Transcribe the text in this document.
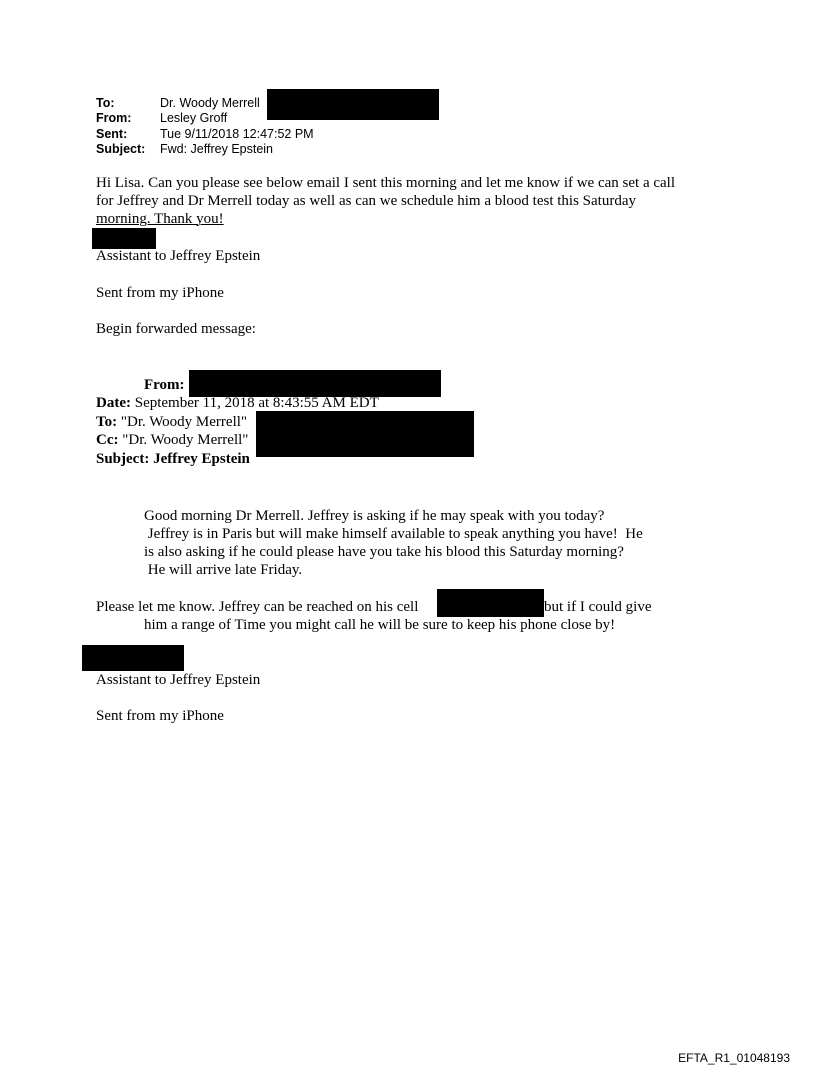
To:	Dr. Woody Merrell
From: Lesley Groff
Sent:	Tue 9/11/2018 12:47:52 PM
Subject: Fwd: Jeffrey Epstein
Hi Lisa. Can you please see below email I sent this morning and let me know if we can set a call
for Jeffrey and Dr Merrell today as well as can we schedule him a blood test this Saturday
morning. Thank you!
Assistant to Jeffrey Epstein
Sent from my iPhone
Begin forwarded message:
From:
Date: September 11, 2018 at 8:43:55 AM EDT
To: "Dr. Woody Merrell"
Cc: "Dr. Woody Merrell"
Subject: Jeffrey Epstein
Good morning Dr Merrell. Jeffrey is asking if he may speak with you today?
Jeffrey is in Paris but will make himself available to speak anything you have!  He
is also asking if he could please have you take his blood this Saturday morning?
He will arrive late Friday.
Please let me know. Jeffrey can be reached on his cell	but if I could give
him a range of Time you might call he will be sure to keep his phone close by!
Assistant to Jeffrey Epstein
Sent from my iPhone
EFTA_R1_01048193
